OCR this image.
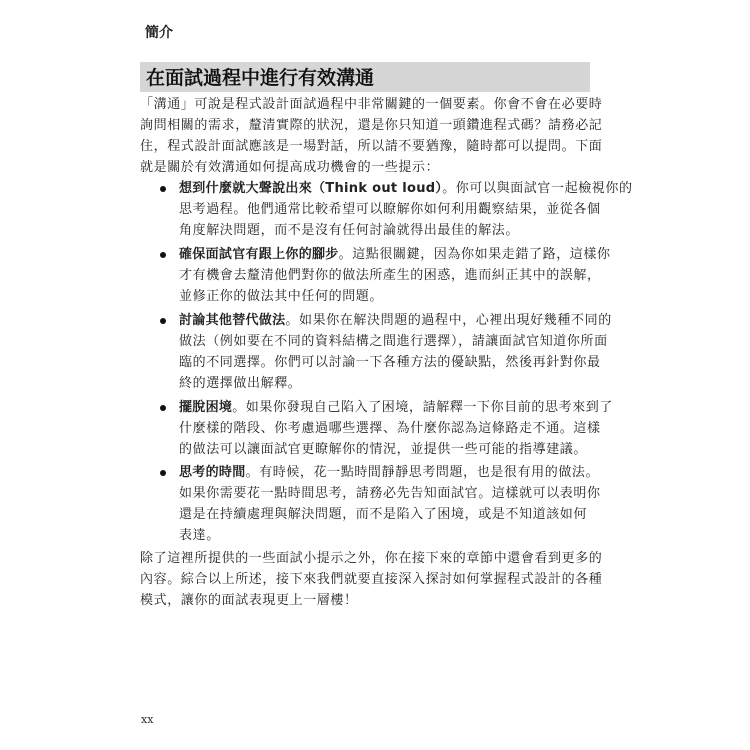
簡介
在面試過程中進行有效溝通
「溝通」可說是程式設計面試過程中非常關鍵的一個要素。你會不會在必要時
詢問相關的需求，釐清實際的狀況，還是你只知道一頭鑽進程式碼？請務必記
住，程式設計面試應該是一場對話，所以請不要猶豫，隨時都可以提問。下面
就是關於有效溝通如何提高成功機會的一些提示：
想到什麼就大聲說出來（Think out loud）。你可以與面試官一起檢視你的
思考過程。他們通常比較希望可以瞭解你如何利用觀察結果，並從各個
角度解決問題，而不是沒有任何討論就得出最佳的解法。
確保面試官有跟上你的腳步。這點很關鍵，因為你如果走錯了路，這樣你
才有機會去釐清他們對你的做法所產生的困惑，進而糾正其中的誤解，
並修正你的做法其中任何的問題。
討論其他替代做法。如果你在解決問題的過程中，心裡出現好幾種不同的
做法（例如要在不同的資料結構之間進行選擇），請讓面試官知道你所面
臨的不同選擇。你們可以討論一下各種方法的優缺點，然後再針對你最
終的選擇做出解釋。
擺脫困境。如果你發現自己陷入了困境，請解釋一下你目前的思考來到了
什麼樣的階段、你考慮過哪些選擇、為什麼你認為這條路走不通。這樣
的做法可以讓面試官更瞭解你的情況，並提供一些可能的指導建議。
思考的時間。有時候，花一點時間靜靜思考問題，也是很有用的做法。
如果你需要花一點時間思考，請務必先告知面試官。這樣就可以表明你
還是在持續處理與解決問題，而不是陷入了困境，或是不知道該如何
表達。
除了這裡所提供的一些面試小提示之外，你在接下來的章節中還會看到更多的
內容。綜合以上所述，接下來我們就要直接深入探討如何掌握程式設計的各種
模式，讓你的面試表現更上一層樓！
xx
